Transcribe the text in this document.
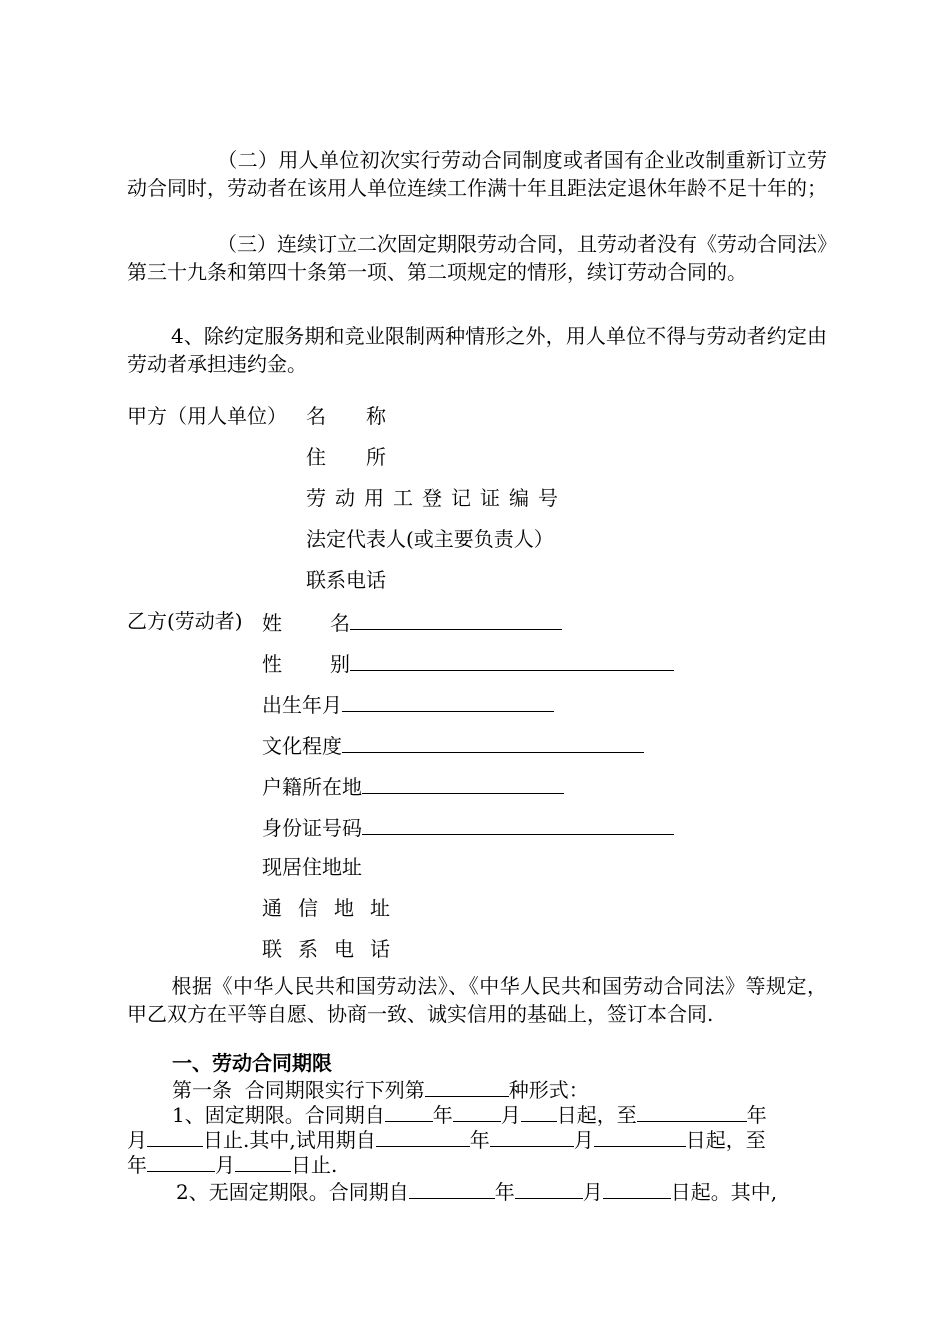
（二）用人单位初次实行劳动合同制度或者国有企业改制重新订立劳动合同时，劳动者在该用人单位连续工作满十年且距法定退休年龄不足十年的；
（三）连续订立二次固定期限劳动合同，且劳动者没有《劳动合同法》第三十九条和第四十条第一项、第二项规定的情形，续订劳动合同的。
4、除约定服务期和竞业限制两种情形之外，用人单位不得与劳动者约定由劳动者承担违约金。
甲方（用人单位） 名　　称
住　　所
劳动用工登记证编号
法定代表人(或主要负责人）
联系电话
乙方(劳动者) 姓 名
性 别
出生年月
文化程度
户籍所在地
身份证号码
现居住地址
通信地址
联系电话
根据《中华人民共和国劳动法》、《中华人民共和国劳动合同法》等规定，甲乙双方在平等自愿、协商一致、诚实信用的基础上，签订本合同.
一、劳动合同期限
第一条  合同期限实行下列第	种形式：
1、固定期限。合同期自 年 月 日起，至	年
月	日止.其中,试用期自	年	月	日起，至
年	月	日止.
2、无固定期限。合同期自	年	月	日起。其中,
